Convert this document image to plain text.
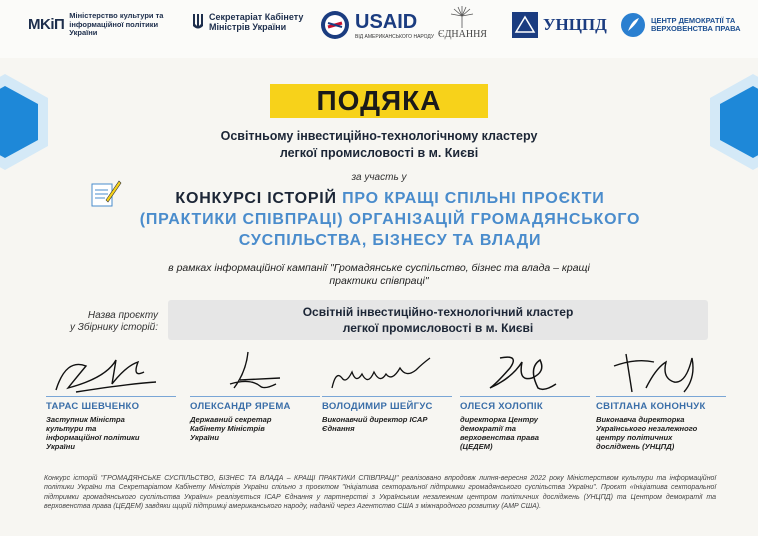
MKiП
Міністерство культури та інформаційної політики України
Секретаріат Кабінету
Міністрів України	USAID
ВІД АМЕРИКАНСЬКОГО НАРОДУ ЄДНАННЯ
УНЦПД	ЦЕНТР ДЕМОКРАТІЇ ТА ВЕРХОВЕНСТВА ПРАВА
ПОДЯКА
Освітньому інвестиційно-технологічному кластеру
легкої промисловості в м. Києві
за участь у
КОНКУРСІ ІСТОРІЙ ПРО КРАЩІ СПІЛЬНІ ПРОЄКТИ
(ПРАКТИКИ СПІВПРАЦІ) ОРГАНІЗАЦІЙ ГРОМАДЯНСЬКОГО
СУСПІЛЬСТВА, БІЗНЕСУ ТА ВЛАДИ
в рамках інформаційної кампанії "Громадянське суспільство, бізнес та влада – кращі
практики співпраці"
Назва проєкту
у Збірнику історій:
Освітній інвестиційно-технологічний кластер
легкої промисловості в м. Києві
ТАРАС ШЕВЧЕНКО
Заступник Міністра культури та інформаційної політики України
ОЛЕКСАНДР ЯРЕМА
Державний секретар Кабінету Міністрів України
ВОЛОДИМИР ШЕЙГУС
Виконавчий директор ІСАР Єднання
ОЛЕСЯ ХОЛОПІК
директорка Центру демократії та верховенства права (ЦЕДЕМ)
СВІТЛАНА КОНОНЧУК
Виконавча директорка Українського незалежного центру політичних досліджень (УНЦПД)
Конкурс історій "ГРОМАДЯНСЬКЕ СУСПІЛЬСТВО, БІЗНЕС ТА ВЛАДА – КРАЩІ ПРАКТИКИ СПІВПРАЦІ" реалізовано впродовж липня-вересня 2022 року Міністерством культури та інформаційної політики України та Секретаріатом Кабінету Міністрів України спільно з проєктом "Ініціатива секторальної підтримки громадянського суспільства України". Проєкт «Ініціатива секторальної підтримки громадянського суспільства України» реалізується ІСАР Єднання у партнерстві з Українським незалежним центром політичних досліджень (УНЦПД) та Центром демократії та верховенства права (ЦЕДЕМ) завдяки щирій підтримці американського народу, наданій через Агентство США з міжнародного розвитку (АМР США).
